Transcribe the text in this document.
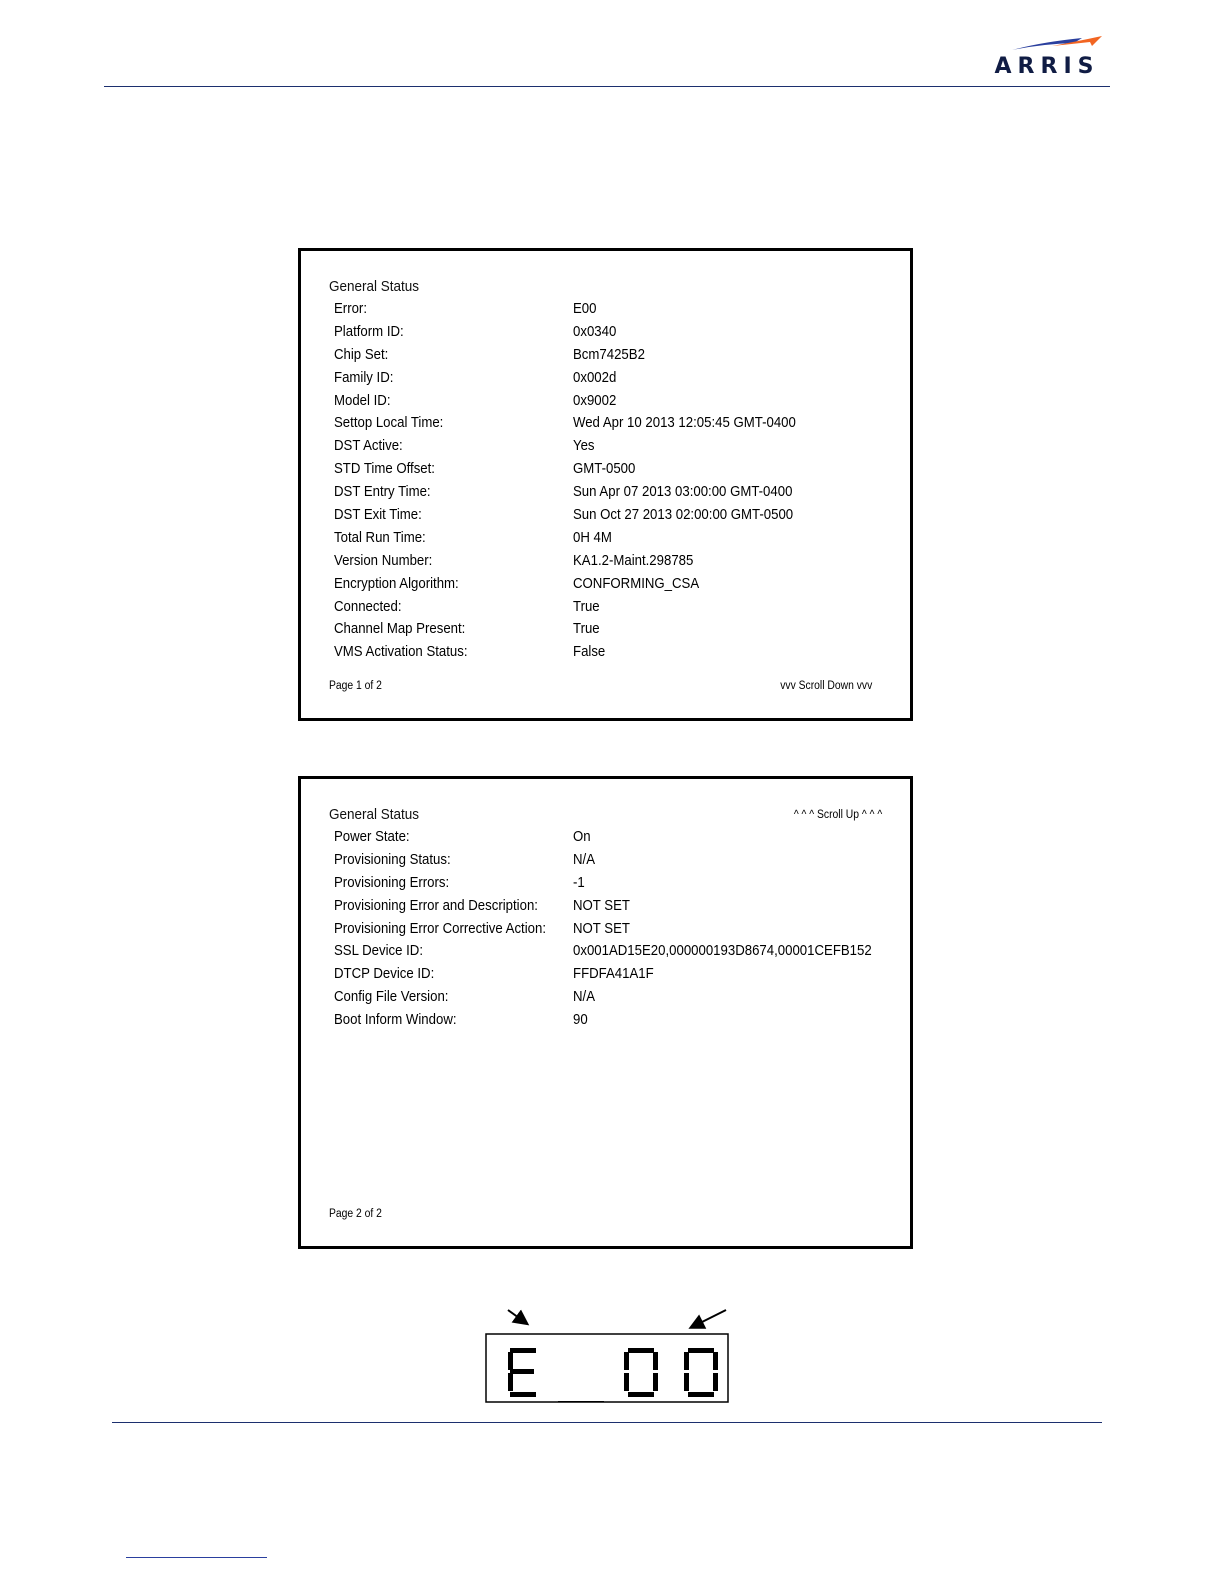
ARRIS
General Status
Error:	E00
Platform ID:	0x0340
Chip Set:	Bcm7425B2
Family ID:	0x002d
Model ID:	0x9002
Settop Local Time:	Wed Apr 10 2013 12:05:45 GMT-0400
DST Active:	Yes
STD Time Offset:	GMT-0500
DST Entry Time:	Sun Apr 07 2013 03:00:00 GMT-0400
DST Exit Time:	Sun Oct 27 2013 02:00:00 GMT-0500
Total Run Time:	0H 4M
Version Number:	KA1.2-Maint.298785
Encryption Algorithm:	CONFORMING_CSA
Connected:	True
Channel Map Present:	True
VMS Activation Status:	False
Page 1 of 2	vvv Scroll Down vvv
General Status	^ ^ ^ Scroll Up ^ ^ ^
Power State:	On
Provisioning Status:	N/A
Provisioning Errors:	-1
Provisioning Error and Description: NOT SET
Provisioning Error Corrective Action: NOT SET
SSL Device ID:	0x001AD15E20,000000193D8674,00001CEFB152
DTCP Device ID:	FFDFA41A1F
Config File Version:	N/A
Boot Inform Window:	90
Page 2 of 2
